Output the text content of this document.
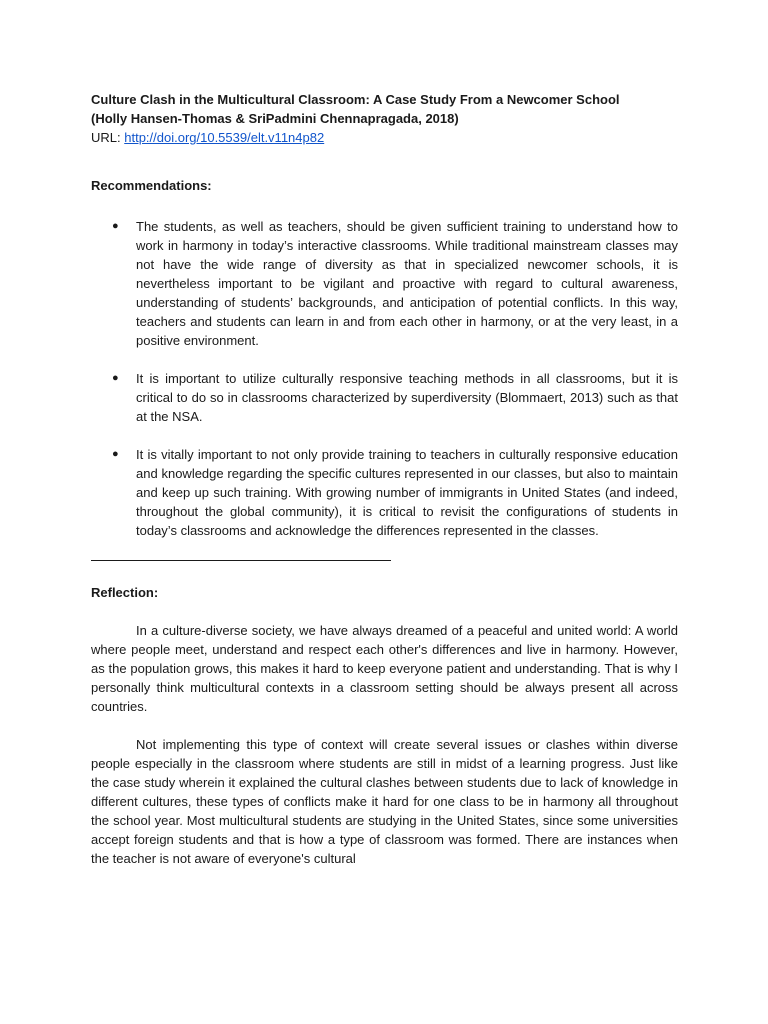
Culture Clash in the Multicultural Classroom: A Case Study From a Newcomer School

(Holly Hansen-Thomas & SriPadmini Chennapragada, 2018)

URL: http://doi.org/10.5539/elt.v11n4p82

Recommendations:

● The students, as well as teachers, should be given sufficient training to understand how to work in harmony in today’s interactive classrooms. While traditional mainstream classes may not have the wide range of diversity as that in specialized newcomer schools, it is nevertheless important to be vigilant and proactive with regard to cultural awareness, understanding of students’ backgrounds, and anticipation of potential conflicts. In this way, teachers and students can learn in and from each other in harmony, or at the very least, in a positive environment.
● It is important to utilize culturally responsive teaching methods in all classrooms, but it is critical to do so in classrooms characterized by superdiversity (Blommaert, 2013) such as that at the NSA.
● It is vitally important to not only provide training to teachers in culturally responsive education and knowledge regarding the specific cultures represented in our classes, but also to maintain and keep up such training. With growing number of immigrants in United States (and indeed, throughout the global community), it is critical to revisit the configurations of students in today’s classrooms and acknowledge the differences represented in the classes.

Reflection:

In a culture-diverse society, we have always dreamed of a peaceful and united world: A world where people meet, understand and respect each other's differences and live in harmony. However, as the population grows, this makes it hard to keep everyone patient and understanding. That is why I personally think multicultural contexts in a classroom setting should be always present all across countries.

Not implementing this type of context will create several issues or clashes within diverse people especially in the classroom where students are still in midst of a learning progress. Just like the case study wherein it explained the cultural clashes between students due to lack of knowledge in different cultures, these types of conflicts make it hard for one class to be in harmony all throughout the school year. Most multicultural students are studying in the United States, since some universities accept foreign students and that is how a type of classroom was formed. There are instances when the teacher is not aware of everyone's cultural
